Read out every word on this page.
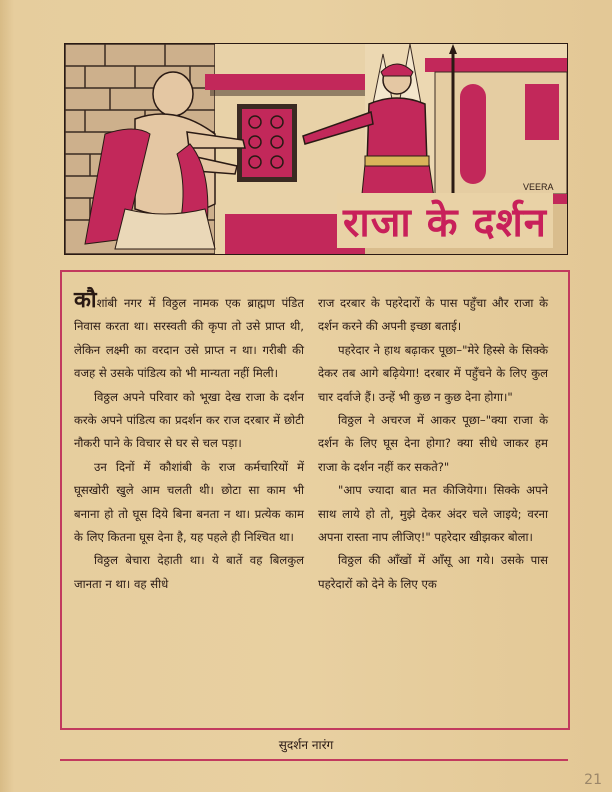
VEERA
राजा के दर्शन

कौशांबी नगर में विठ्ठल नामक एक ब्राह्मण पंडित निवास करता था। सरस्वती की कृपा तो उसे प्राप्त थी, लेकिन लक्ष्मी का वरदान उसे प्राप्त न था। गरीबी की वजह से उसके पांडित्य को भी मान्यता नहीं मिली।

विठ्ठल अपने परिवार को भूखा देख राजा के दर्शन करके अपने पांडित्य का प्रदर्शन कर राज दरबार में छोटी नौकरी पाने के विचार से घर से चल पड़ा।

उन दिनों में कौशांबी के राज कर्मचारियों में घूसखोरी खुले आम चलती थी। छोटा सा काम भी बनाना हो तो घूस दिये बिना बनता न था। प्रत्येक काम के लिए कितना घूस देना है, यह पहले ही निश्चित था।

विठ्ठल बेचारा देहाती था। ये बातें वह बिलकुल जानता न था। वह सीधे

राज दरबार के पहरेदारों के पास पहुँचा और राजा के दर्शन करने की अपनी इच्छा बताई।

पहरेदार ने हाथ बढ़ाकर पूछा–"मेरे हिस्से के सिक्के देकर तब आगे बढ़ियेगा! दरबार में पहुँचने के लिए कुल चार दर्वाजे हैं। उन्हें भी कुछ न कुछ देना होगा।"

विठ्ठल ने अचरज में आकर पूछा–"क्या राजा के दर्शन के लिए घूस देना होगा? क्या सीधे जाकर हम राजा के दर्शन नहीं कर सकते?"

"आप ज्यादा बात मत कीजियेगा। सिक्के अपने साथ लाये हो तो, मुझे देकर अंदर चले जाइये; वरना अपना रास्ता नाप लीजिए!" पहरेदार खीझकर बोला।

विठ्ठल की आँखों में आँसू आ गये। उसके पास पहरेदारों को देने के लिए एक

सुदर्शन नारंग
21
